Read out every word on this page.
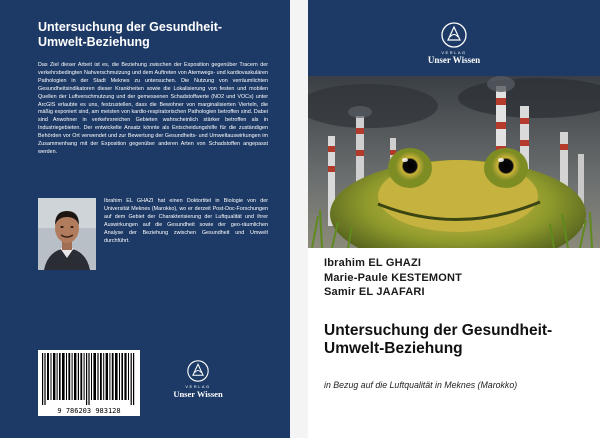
Untersuchung der Gesundheit-Umwelt-Beziehung
Das Ziel dieser Arbeit ist es, die Beziehung zwischen der Exposition gegenüber Tracern der verkehrsbedingten Nahverschmutzung und dem Auftreten von Atemwegs- und kardiovaskulären Pathologien in der Stadt Meknes zu untersuchen. Die Nutzung von verräumlichten Gesundheitsindikatoren dieser Krankheiten sowie die Lokalisierung von festen und mobilen Quellen der Luftverschmutzung und der gemessenen Schadstoffwerte (NO2 und VOCs) unter ArcGIS erlaubte es uns, festzustellen, dass die Bewohner von marginalisierten Vierteln, die mäßig exponiert sind, am meisten von kardio-respiratorischen Pathologien betroffen sind. Dabei sind Anwohner in verkehrsreichen Gebieten wahrscheinlich stärker betroffen als in Industriegebieten. Der entwickelte Ansatz könnte als Entscheidungshilfe für die zuständigen Behörden vor Ort verwendet und zur Bewertung der Gesundheits- und Umweltauswirkungen im Zusammenhang mit der Exposition gegenüber anderen Arten von Schadstoffen angepasst werden.
Ibrahim EL GHAZI hat einen Doktortitel in Biologie von der Universität Meknes (Marokko), wo er derzeit Post-Doc-Forschungen auf dem Gebiet der Charakterisierung der Luftqualität und ihrer Auswirkungen auf die Gesundheit sowie der geo-räumlichen Analyse der Beziehung zwischen Gesundheit und Umwelt durchführt.
9 786203 983128
VERLAG
Unser Wissen
VERLAG
Unser Wissen
Ibrahim EL GHAZI
Marie-Paule KESTEMONT
Samir EL JAAFARI
Untersuchung der Gesundheit-Umwelt-Beziehung
in Bezug auf die Luftqualität in Meknes (Marokko)
